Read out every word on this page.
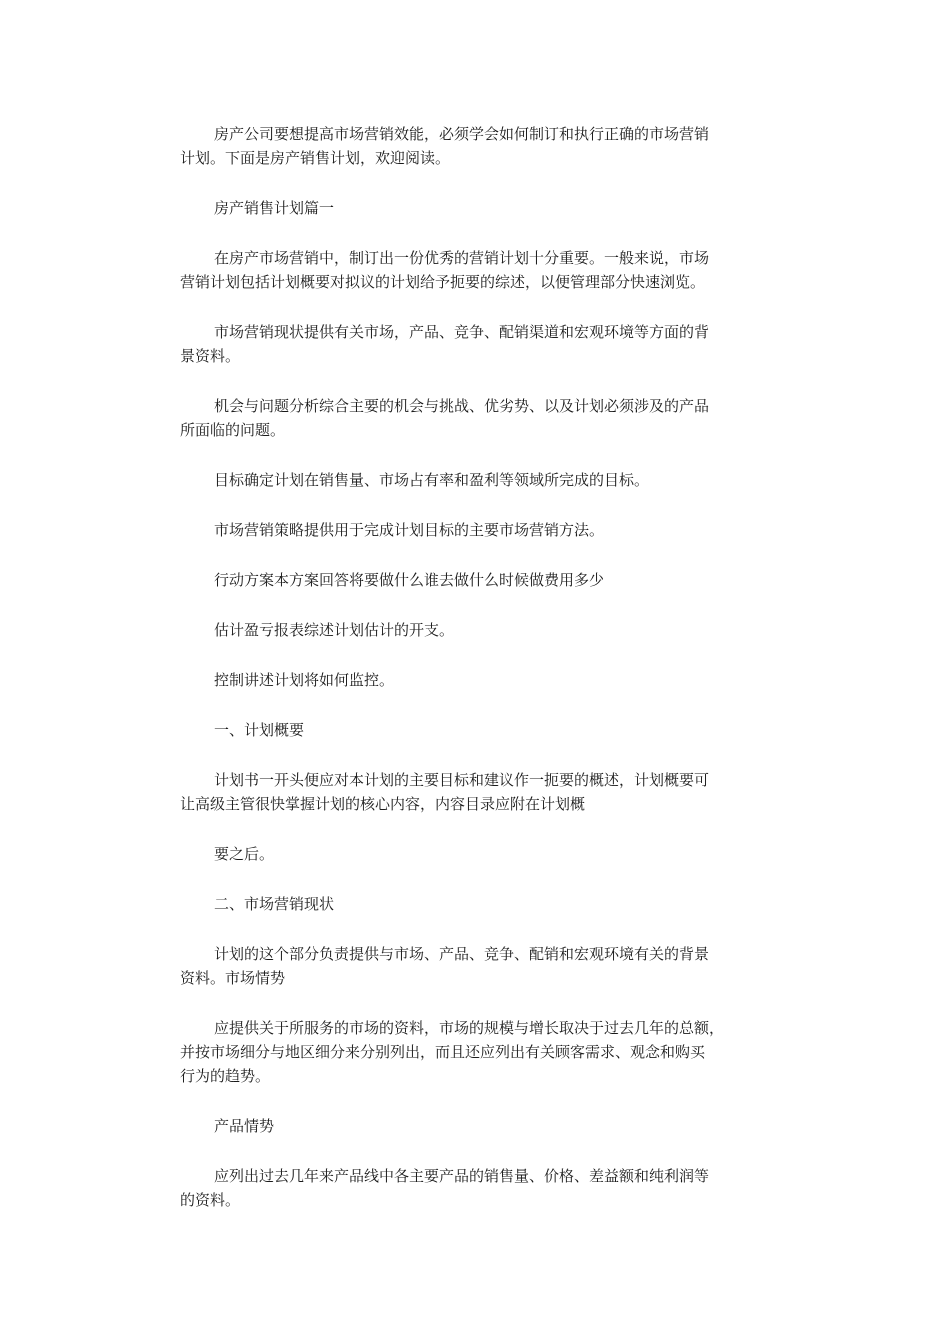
房产公司要想提高市场营销效能，必须学会如何制订和执行正确的市场营销

计划。下面是房产销售计划，欢迎阅读。

房产销售计划篇一

在房产市场营销中，制订出一份优秀的营销计划十分重要。一般来说，市场

营销计划包括计划概要对拟议的计划给予扼要的综述，以便管理部分快速浏览。

市场营销现状提供有关市场，产品、竞争、配销渠道和宏观环境等方面的背

景资料。

机会与问题分析综合主要的机会与挑战、优劣势、以及计划必须涉及的产品

所面临的问题。

目标确定计划在销售量、市场占有率和盈利等领域所完成的目标。

市场营销策略提供用于完成计划目标的主要市场营销方法。

行动方案本方案回答将要做什么谁去做什么时候做费用多少

估计盈亏报表综述计划估计的开支。

控制讲述计划将如何监控。

一、计划概要

计划书一开头便应对本计划的主要目标和建议作一扼要的概述，计划概要可

让高级主管很快掌握计划的核心内容，内容目录应附在计划概

要之后。

二、市场营销现状

计划的这个部分负责提供与市场、产品、竞争、配销和宏观环境有关的背景

资料。市场情势

应提供关于所服务的市场的资料，市场的规模与增长取决于过去几年的总额，

并按市场细分与地区细分来分别列出，而且还应列出有关顾客需求、观念和购买

行为的趋势。

产品情势

应列出过去几年来产品线中各主要产品的销售量、价格、差益额和纯利润等

的资料。
